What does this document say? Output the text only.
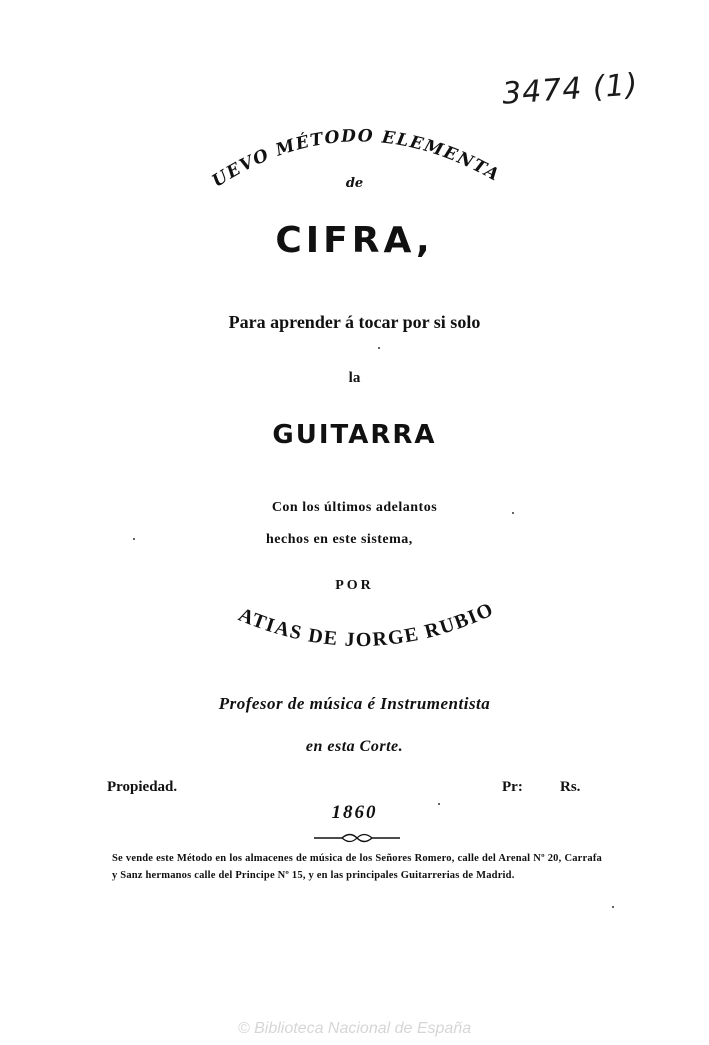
3474 (1)
NUEVO MÉTODO ELEMENTAL
de
CIFRA,
Para aprender á tocar por si solo
la
GUITARRA
Con los últimos adelantos
hechos en este sistema,
POR
MATIAS DE JORGE RUBIO.
Profesor de música é Instrumentista
en esta Corte.
Propiedad.	Pr: Rs.
1860
Se vende este Método en los almacenes de música de los Señores Romero, calle del Arenal Nº 20, Carrafa y Sanz hermanos calle del Principe Nº 15, y en las principales Guitarrerias de Madrid.
© Biblioteca Nacional de España
